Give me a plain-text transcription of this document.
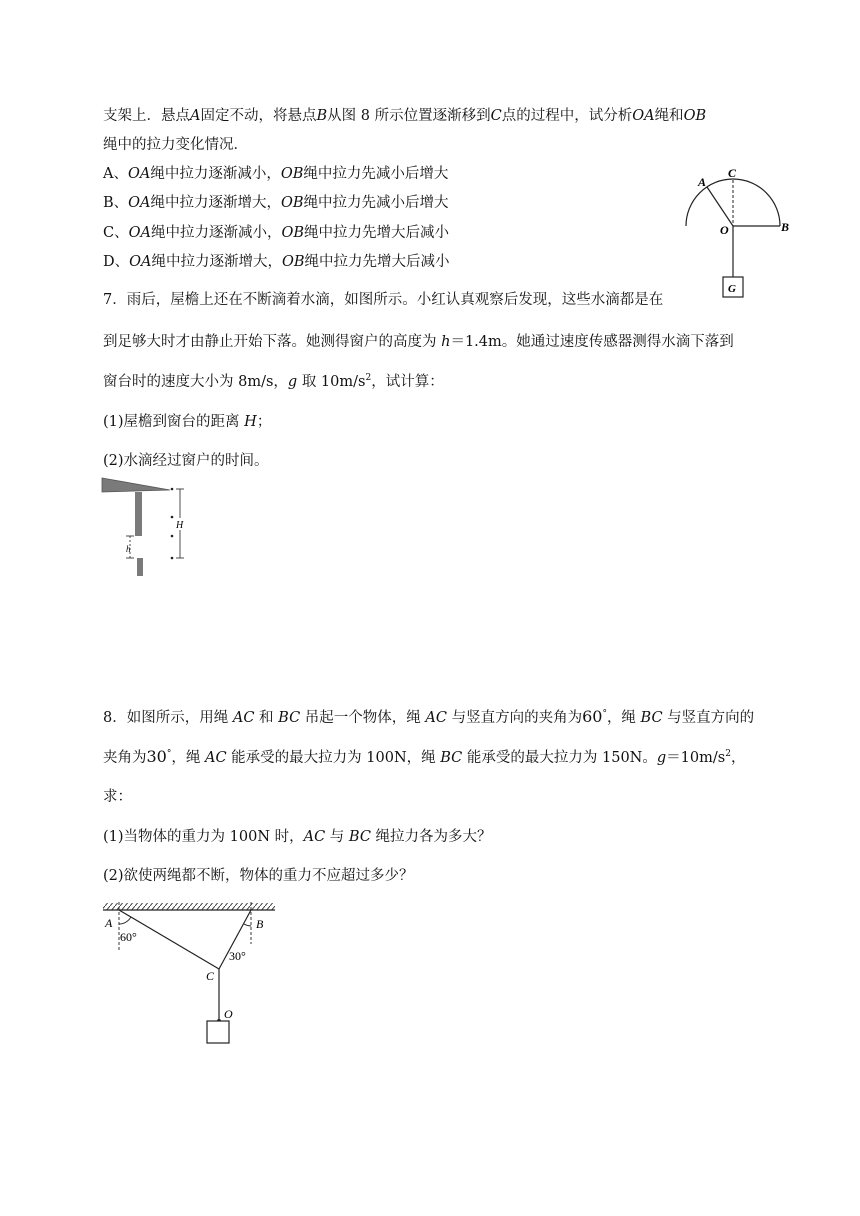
支架上．悬点A固定不动，将悬点B从图 8 所示位置逐渐移到C点的过程中，试分析OA绳和OB
绳中的拉力变化情况．
A、OA绳中拉力逐渐减小，OB绳中拉力先减小后增大
B、OA绳中拉力逐渐增大，OB绳中拉力先减小后增大
C、OA绳中拉力逐渐减小，OB绳中拉力先增大后减小
D、OA绳中拉力逐渐增大，OB绳中拉力先增大后减小
A
C
B
O
G
7．雨后，屋檐上还在不断滴着水滴，如图所示。小红认真观察后发现，这些水滴都是在
到足够大时才由静止开始下落。她测得窗户的高度为 h＝1.4m。她通过速度传感器测得水滴下落到
窗台时的速度大小为 8m/s，g 取 $10m/s^2$，试计算：
(1)屋檐到窗台的距离 H；
(2)水滴经过窗户的时间。
h
H
8．如图所示，用绳 AC 和 BC 吊起一个物体，绳 AC 与竖直方向的夹角为60°，绳 BC 与竖直方向的
夹角为30°，绳 AC 能承受的最大拉力为 100N，绳 BC 能承受的最大拉力为 150N。$g=10m/s^2$，
求：
(1)当物体的重力为 100N 时，AC 与 BC 绳拉力各为多大？
(2)欲使两绳都不断，物体的重力不应超过多少？
A	B
60°
30°
C
O
